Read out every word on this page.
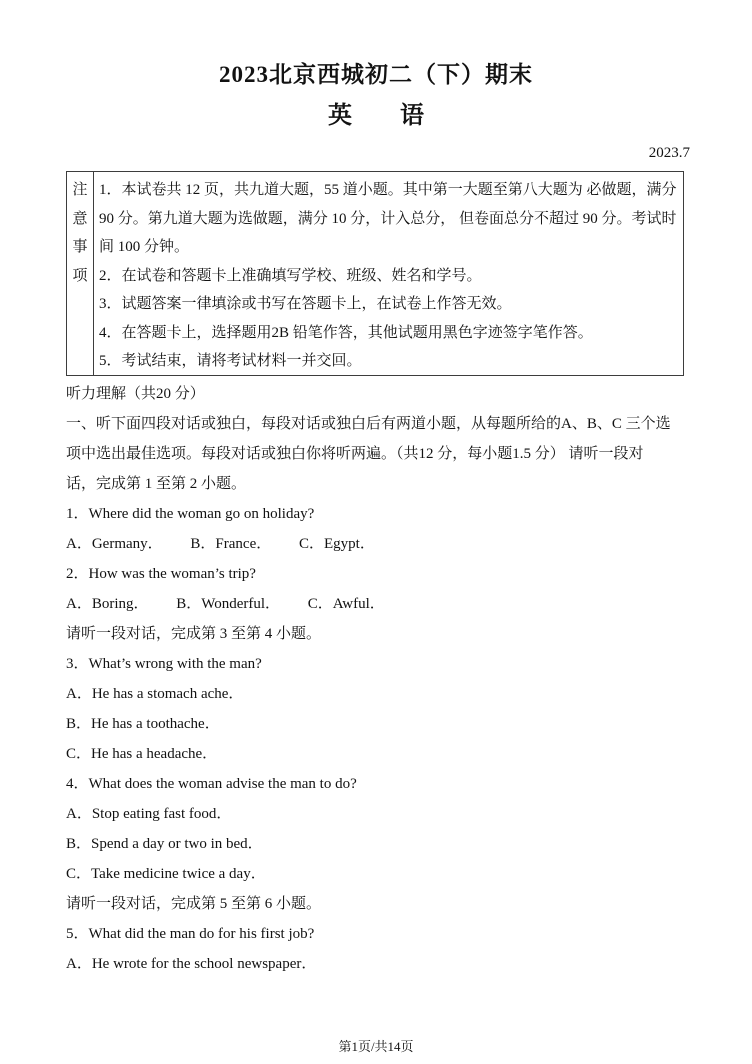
2023北京西城初二（下）期末
英　　语
2023.7
注
意
事
项
1．本试卷共 12 页，共九道大题，55 道小题。其中第一大题至第八大题为 必做题，满分
90 分。第九道大题为选做题，满分 10 分，计入总分， 但卷面总分不超过 90 分。考试时
间 100 分钟。
2．在试卷和答题卡上准确填写学校、班级、姓名和学号。
3．试题答案一律填涂或书写在答题卡上，在试卷上作答无效。
4．在答题卡上，选择题用2B 铅笔作答，其他试题用黑色字迹签字笔作答。
5．考试结束，请将考试材料一并交回。
听力理解（共20 分）
一、听下面四段对话或独白，每段对话或独白后有两道小题，从每题所给的A、B、C 三个选
项中选出最佳选项。每段对话或独白你将听两遍。（共12 分，每小题1.5 分） 请听一段对
话，完成第 1 至第 2 小题。
1．Where did the woman go on holiday?
A．Germany． B．France． C．Egypt．
2．How was the woman’s trip?
A．Boring． B．Wonderful． C．Awful．
请听一段对话，完成第 3 至第 4 小题。
3．What’s wrong with the man?
A．He has a stomach ache．
B．He has a toothache．
C．He has a headache．
4．What does the woman advise the man to do?
A．Stop eating fast food．
B．Spend a day or two in bed．
C．Take medicine twice a day．
请听一段对话，完成第 5 至第 6 小题。
5．What did the man do for his first job?
A．He wrote for the school newspaper．
第1页/共14页
